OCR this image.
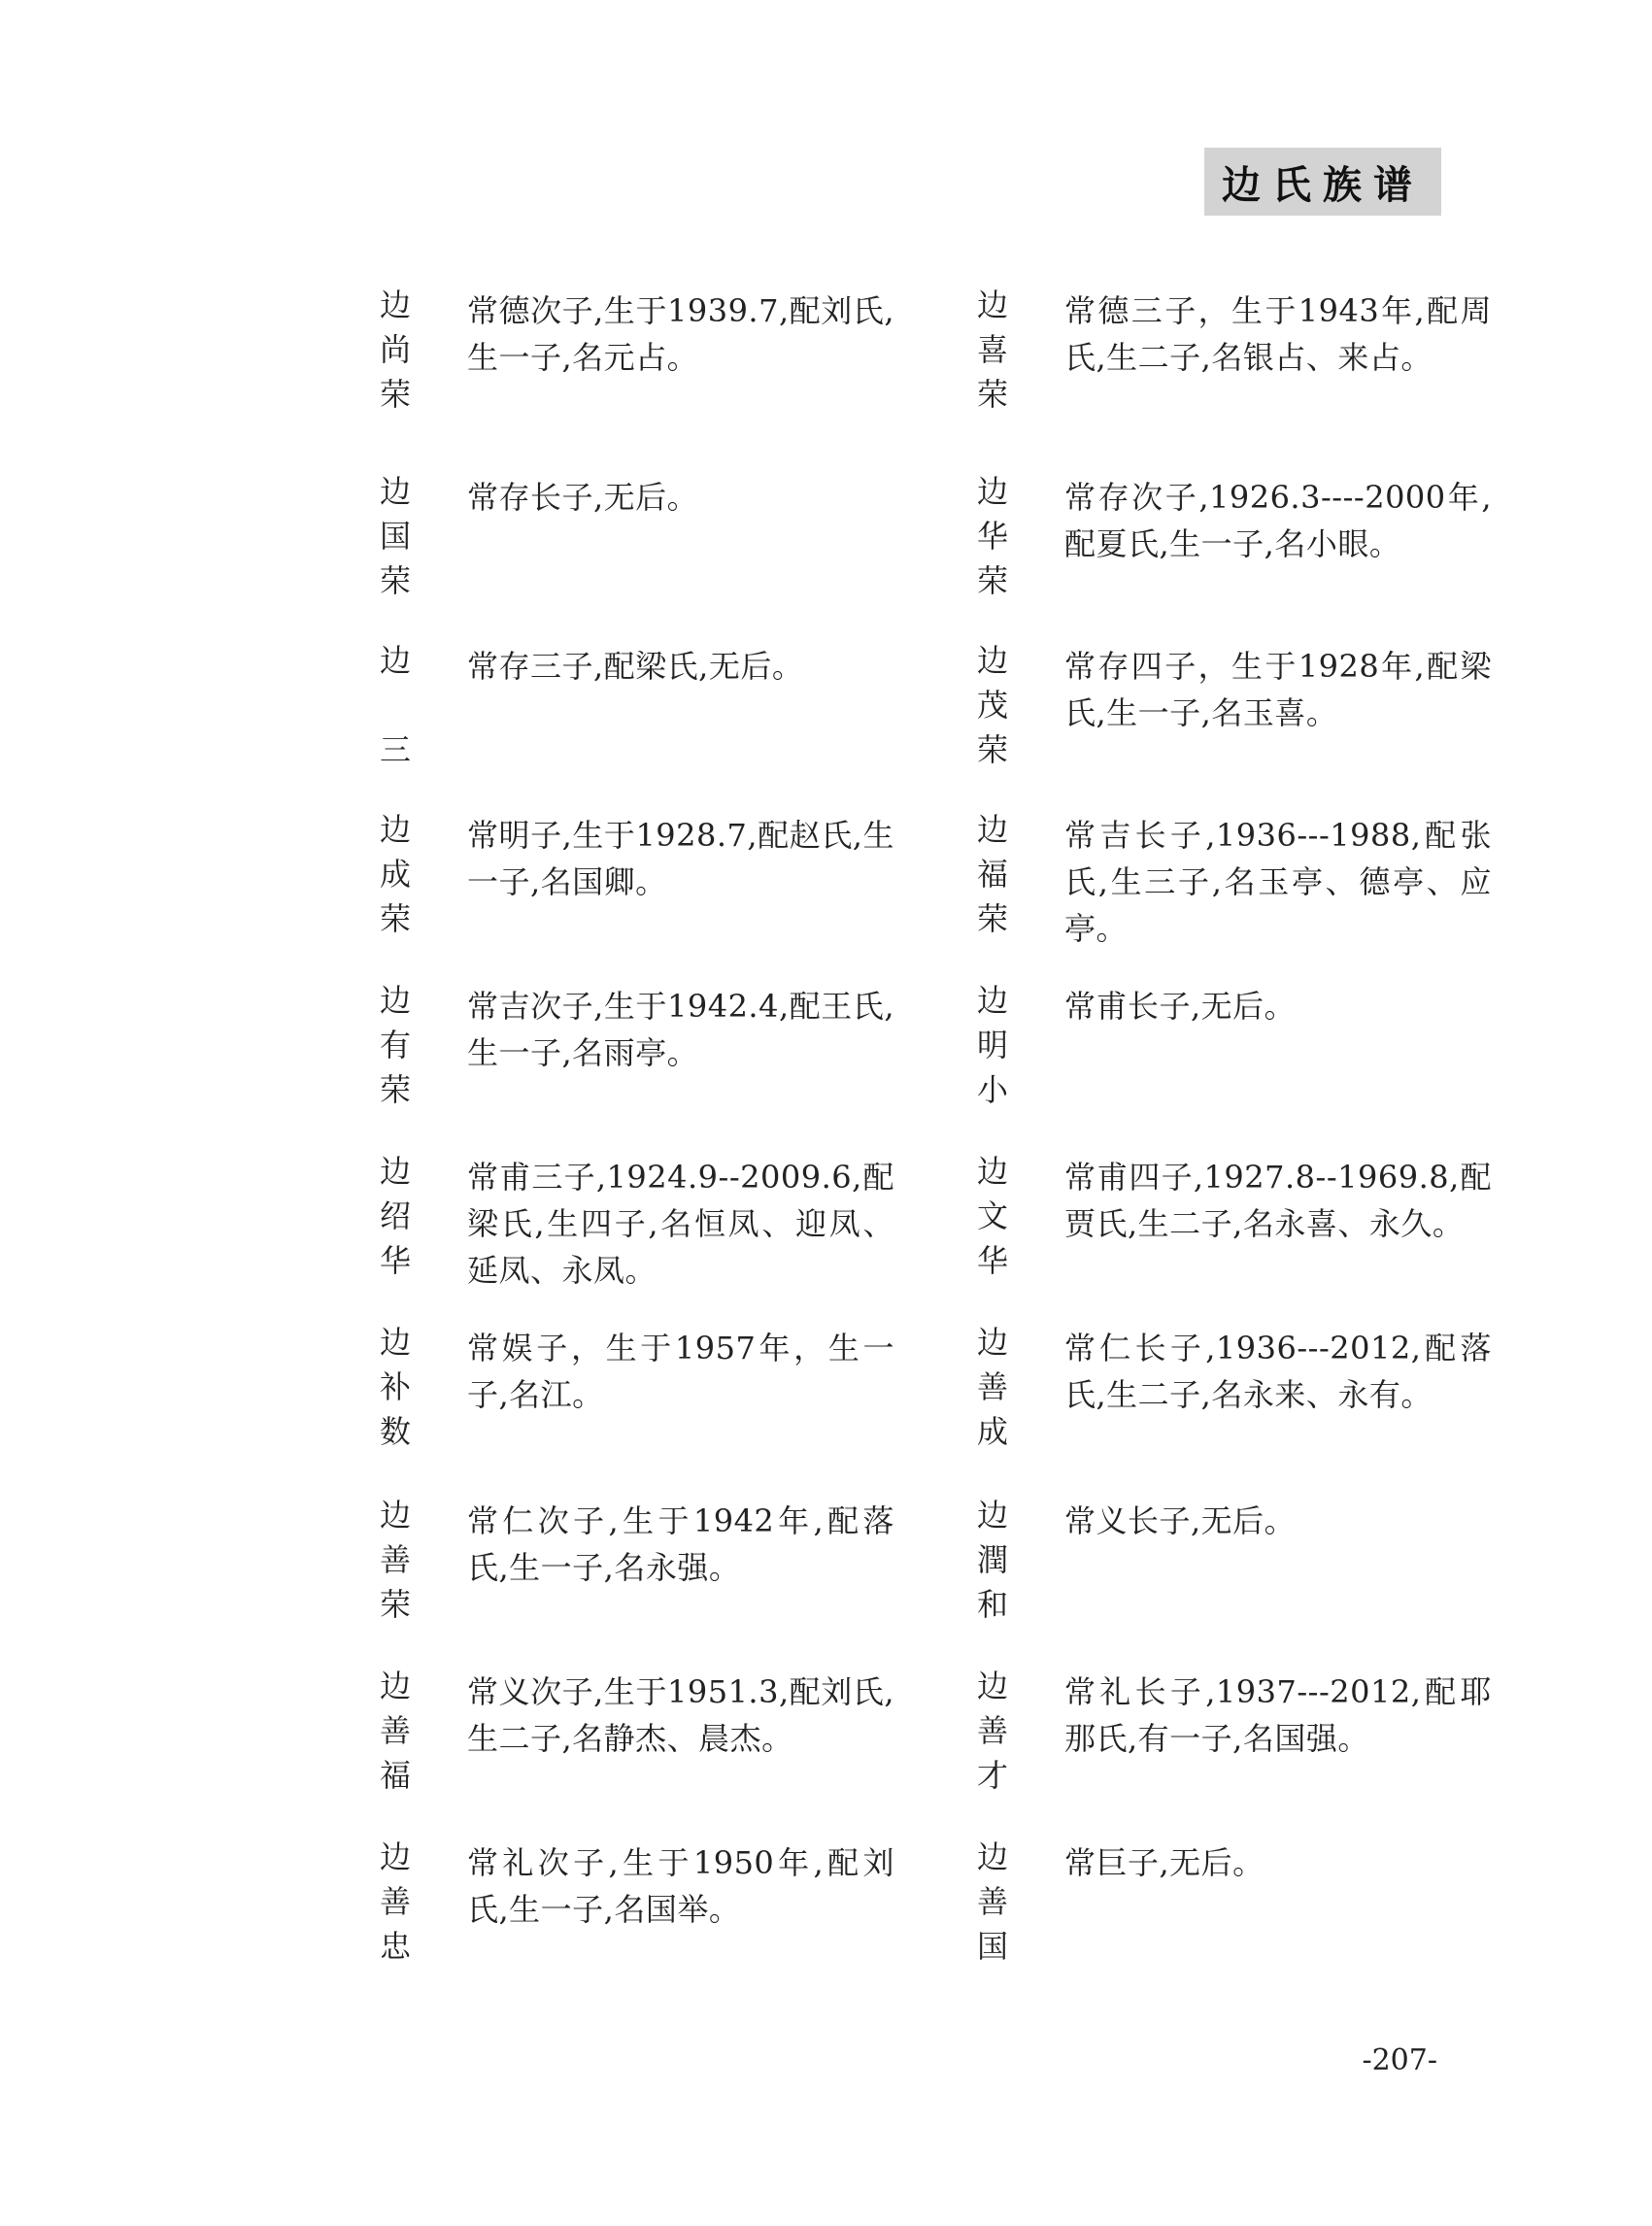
边氏族谱
边
尚
荣
常德次子,生于1939.7,配刘氏,生一子,名元占。
边
喜
荣
常德三子，生于1943年,配周氏,生二子,名银占、来占。
边
国
荣
常存长子,无后。	边
华
荣
常存次子,1926.3----2000年,配夏氏,生一子,名小眼。
边
三
常存三子,配梁氏,无后。	边
茂
荣
常存四子，生于1928年,配梁氏,生一子,名玉喜。
边
成
荣
常明子,生于1928.7,配赵氏,生一子,名国卿。
边
福
荣
常吉长子,1936---1988,配张氏,生三子,名玉亭、德亭、应亭。
边
有
荣
常吉次子,生于1942.4,配王氏,生一子,名雨亭。
边
明
小
常甫长子,无后。
边
绍
华
常甫三子,1924.9--2009.6,配梁氏,生四子,名恒凤、迎凤、延凤、永凤。
边
文
华
常甫四子,1927.8--1969.8,配贾氏,生二子,名永喜、永久。
边
补
数
常娱子，生于1957年，生一子,名江。
边
善
成
常仁长子,1936---2012,配落氏,生二子,名永来、永有。
边
善
荣
常仁次子,生于1942年,配落氏,生一子,名永强。
边
潤
和
常义长子,无后。
边
善
福
常义次子,生于1951.3,配刘氏,生二子,名静杰、晨杰。
边
善
才
常礼长子,1937---2012,配耶那氏,有一子,名国强。
边
善
忠
常礼次子,生于1950年,配刘氏,生一子,名国举。
边
善
国
常巨子,无后。
-207-
